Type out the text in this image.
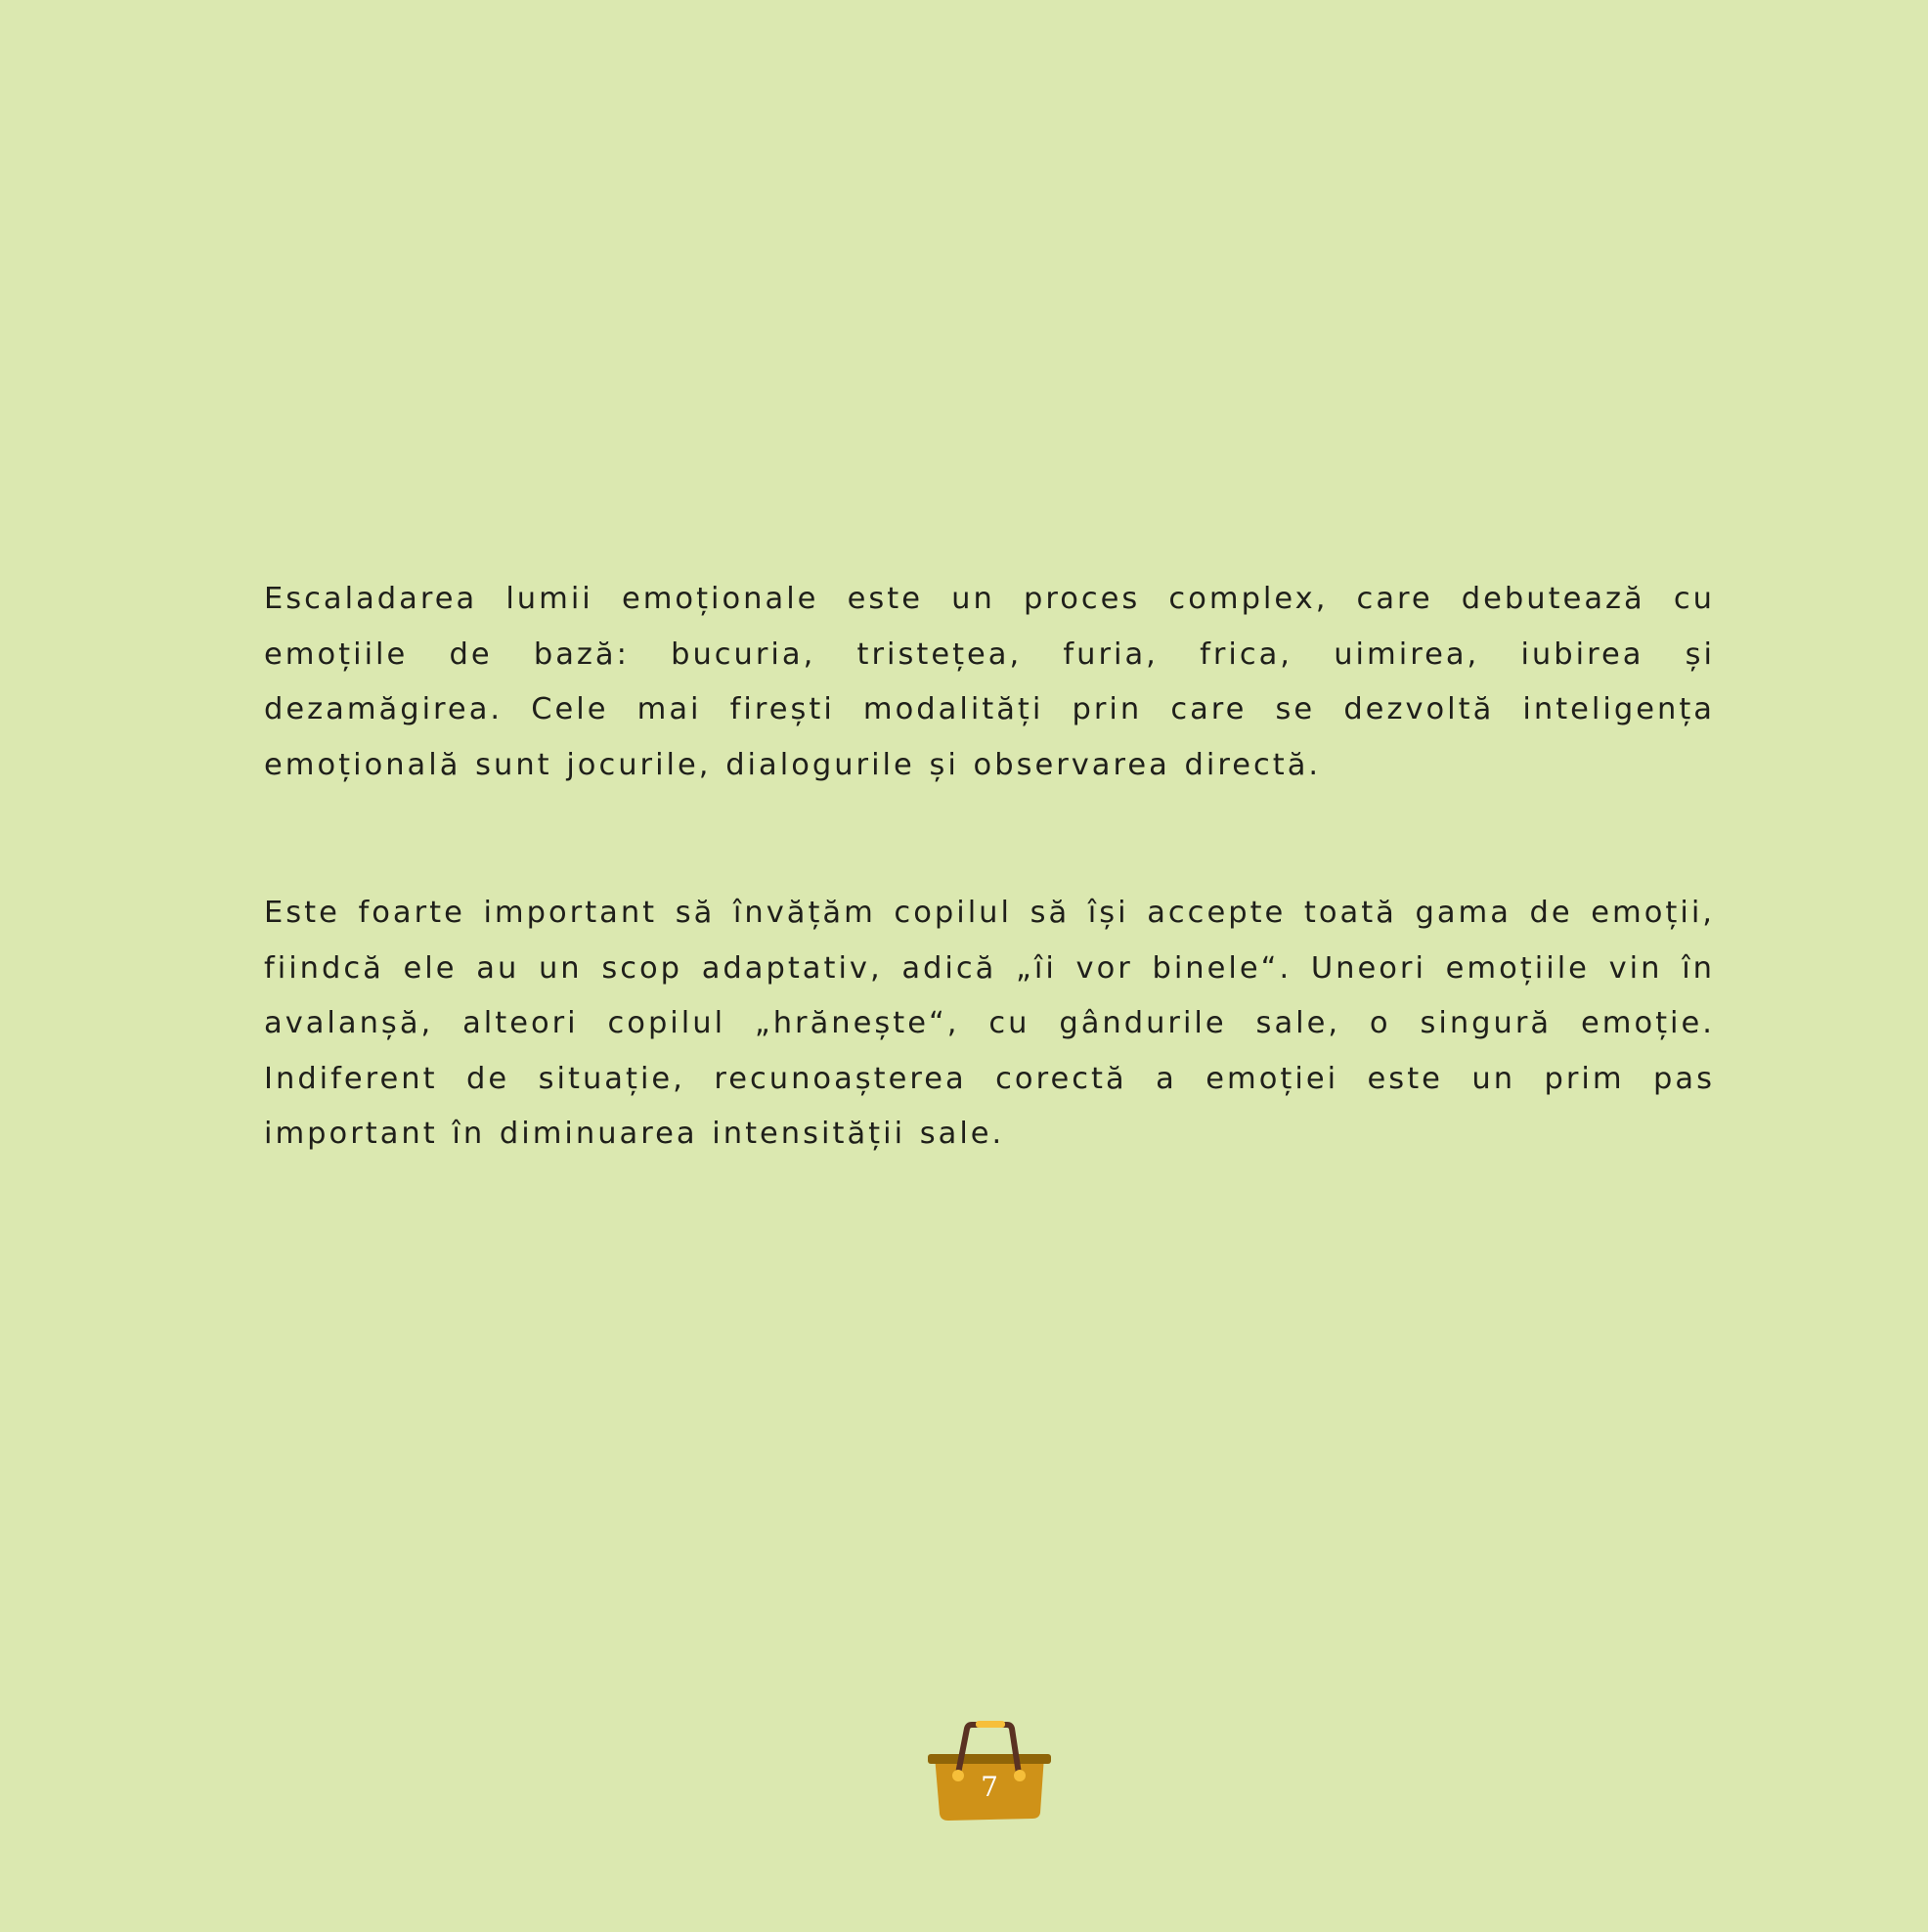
Escaladarea lumii emoționale este un proces complex, care debutează cu emoțiile de bază: bucuria, tristețea, furia, frica, uimirea, iubirea și dezamăgirea. Cele mai firești modalități prin care se dezvoltă inteligența emoțională sunt jocurile, dialogurile și observarea directă.

Este foarte important să învățăm copilul să își accepte toată gama de emoții, fiindcă ele au un scop adaptativ, adică „îi vor binele“. Uneori emoțiile vin în avalanșă, alteori copilul „hrănește“, cu gândurile sale, o singură emoție. Indiferent de situație, recunoașterea corectă a emoției este un prim pas important în diminuarea intensității sale.

7
